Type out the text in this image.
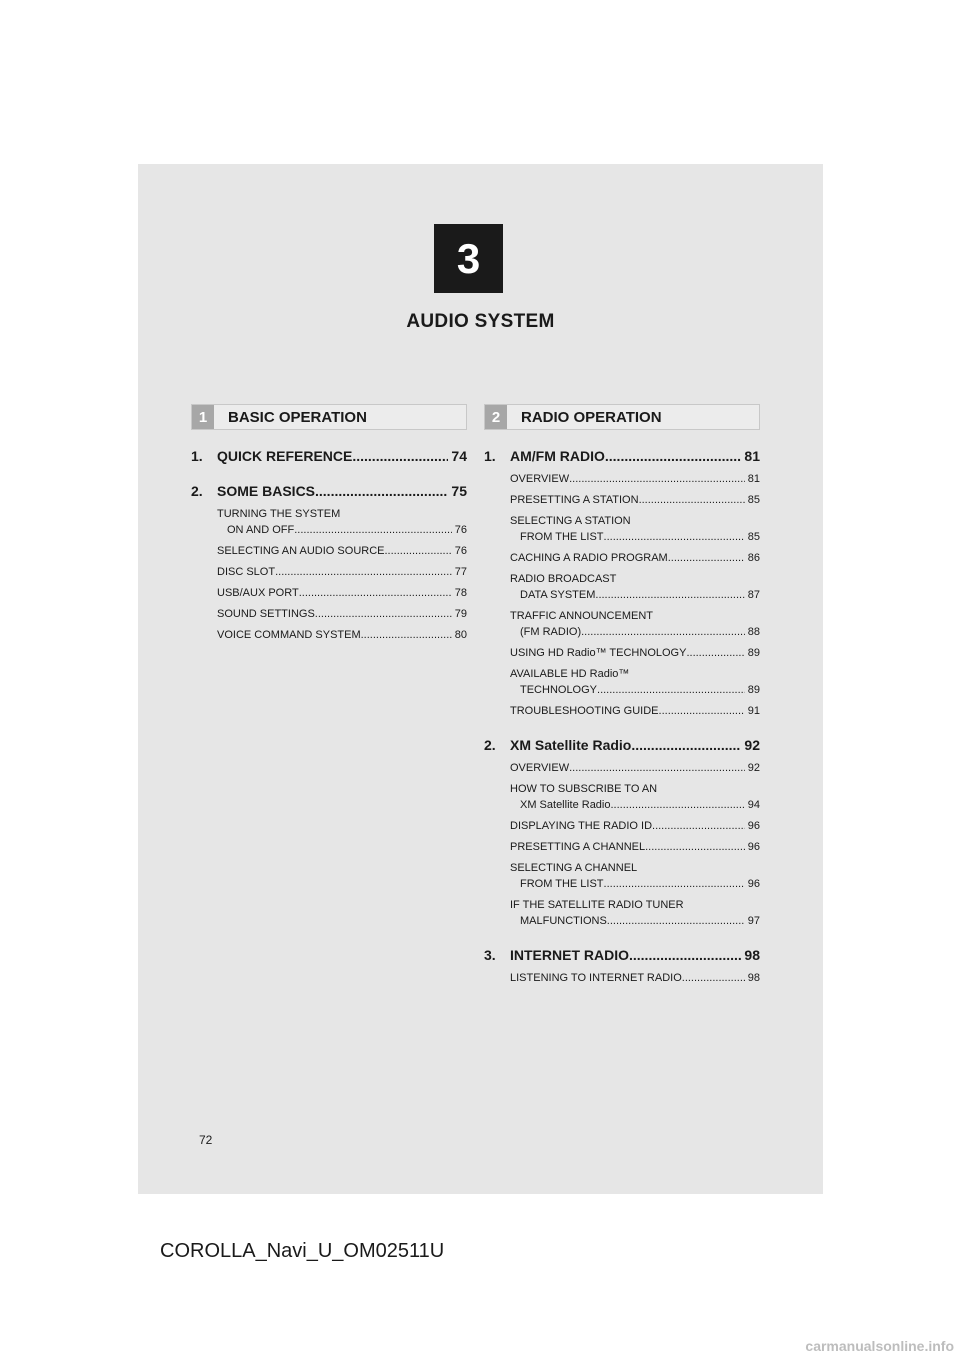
3
AUDIO SYSTEM
1	BASIC OPERATION
1.	QUICK REFERENCE .....	74
2.	SOME BASICS .....	75
TURNING THE SYSTEM
ON AND OFF .....	76
SELECTING AN AUDIO SOURCE .....	76
DISC SLOT .....	77
USB/AUX PORT .....	78
SOUND SETTINGS .....	79
VOICE COMMAND SYSTEM .....	80
2	RADIO OPERATION
1.	AM/FM RADIO .....	81
OVERVIEW .....	81
PRESETTING A STATION .....	85
SELECTING A STATION
FROM THE LIST .....	85
CACHING A RADIO PROGRAM .....	86
RADIO BROADCAST
DATA SYSTEM .....	87
TRAFFIC ANNOUNCEMENT
(FM RADIO) .....	88
USING HD Radio™ TECHNOLOGY .....	89
AVAILABLE HD Radio™
TECHNOLOGY .....	89
TROUBLESHOOTING GUIDE .....	91
2.	XM Satellite Radio .....	92
OVERVIEW .....	92
HOW TO SUBSCRIBE TO AN
XM Satellite Radio .....	94
DISPLAYING THE RADIO ID .....	96
PRESETTING A CHANNEL .....	96
SELECTING A CHANNEL
FROM THE LIST .....	96
IF THE SATELLITE RADIO TUNER
MALFUNCTIONS .....	97
3.	INTERNET RADIO .....	98
LISTENING TO INTERNET RADIO .....	98
72
COROLLA_Navi_U_OM02511U
carmanualsonline.info
